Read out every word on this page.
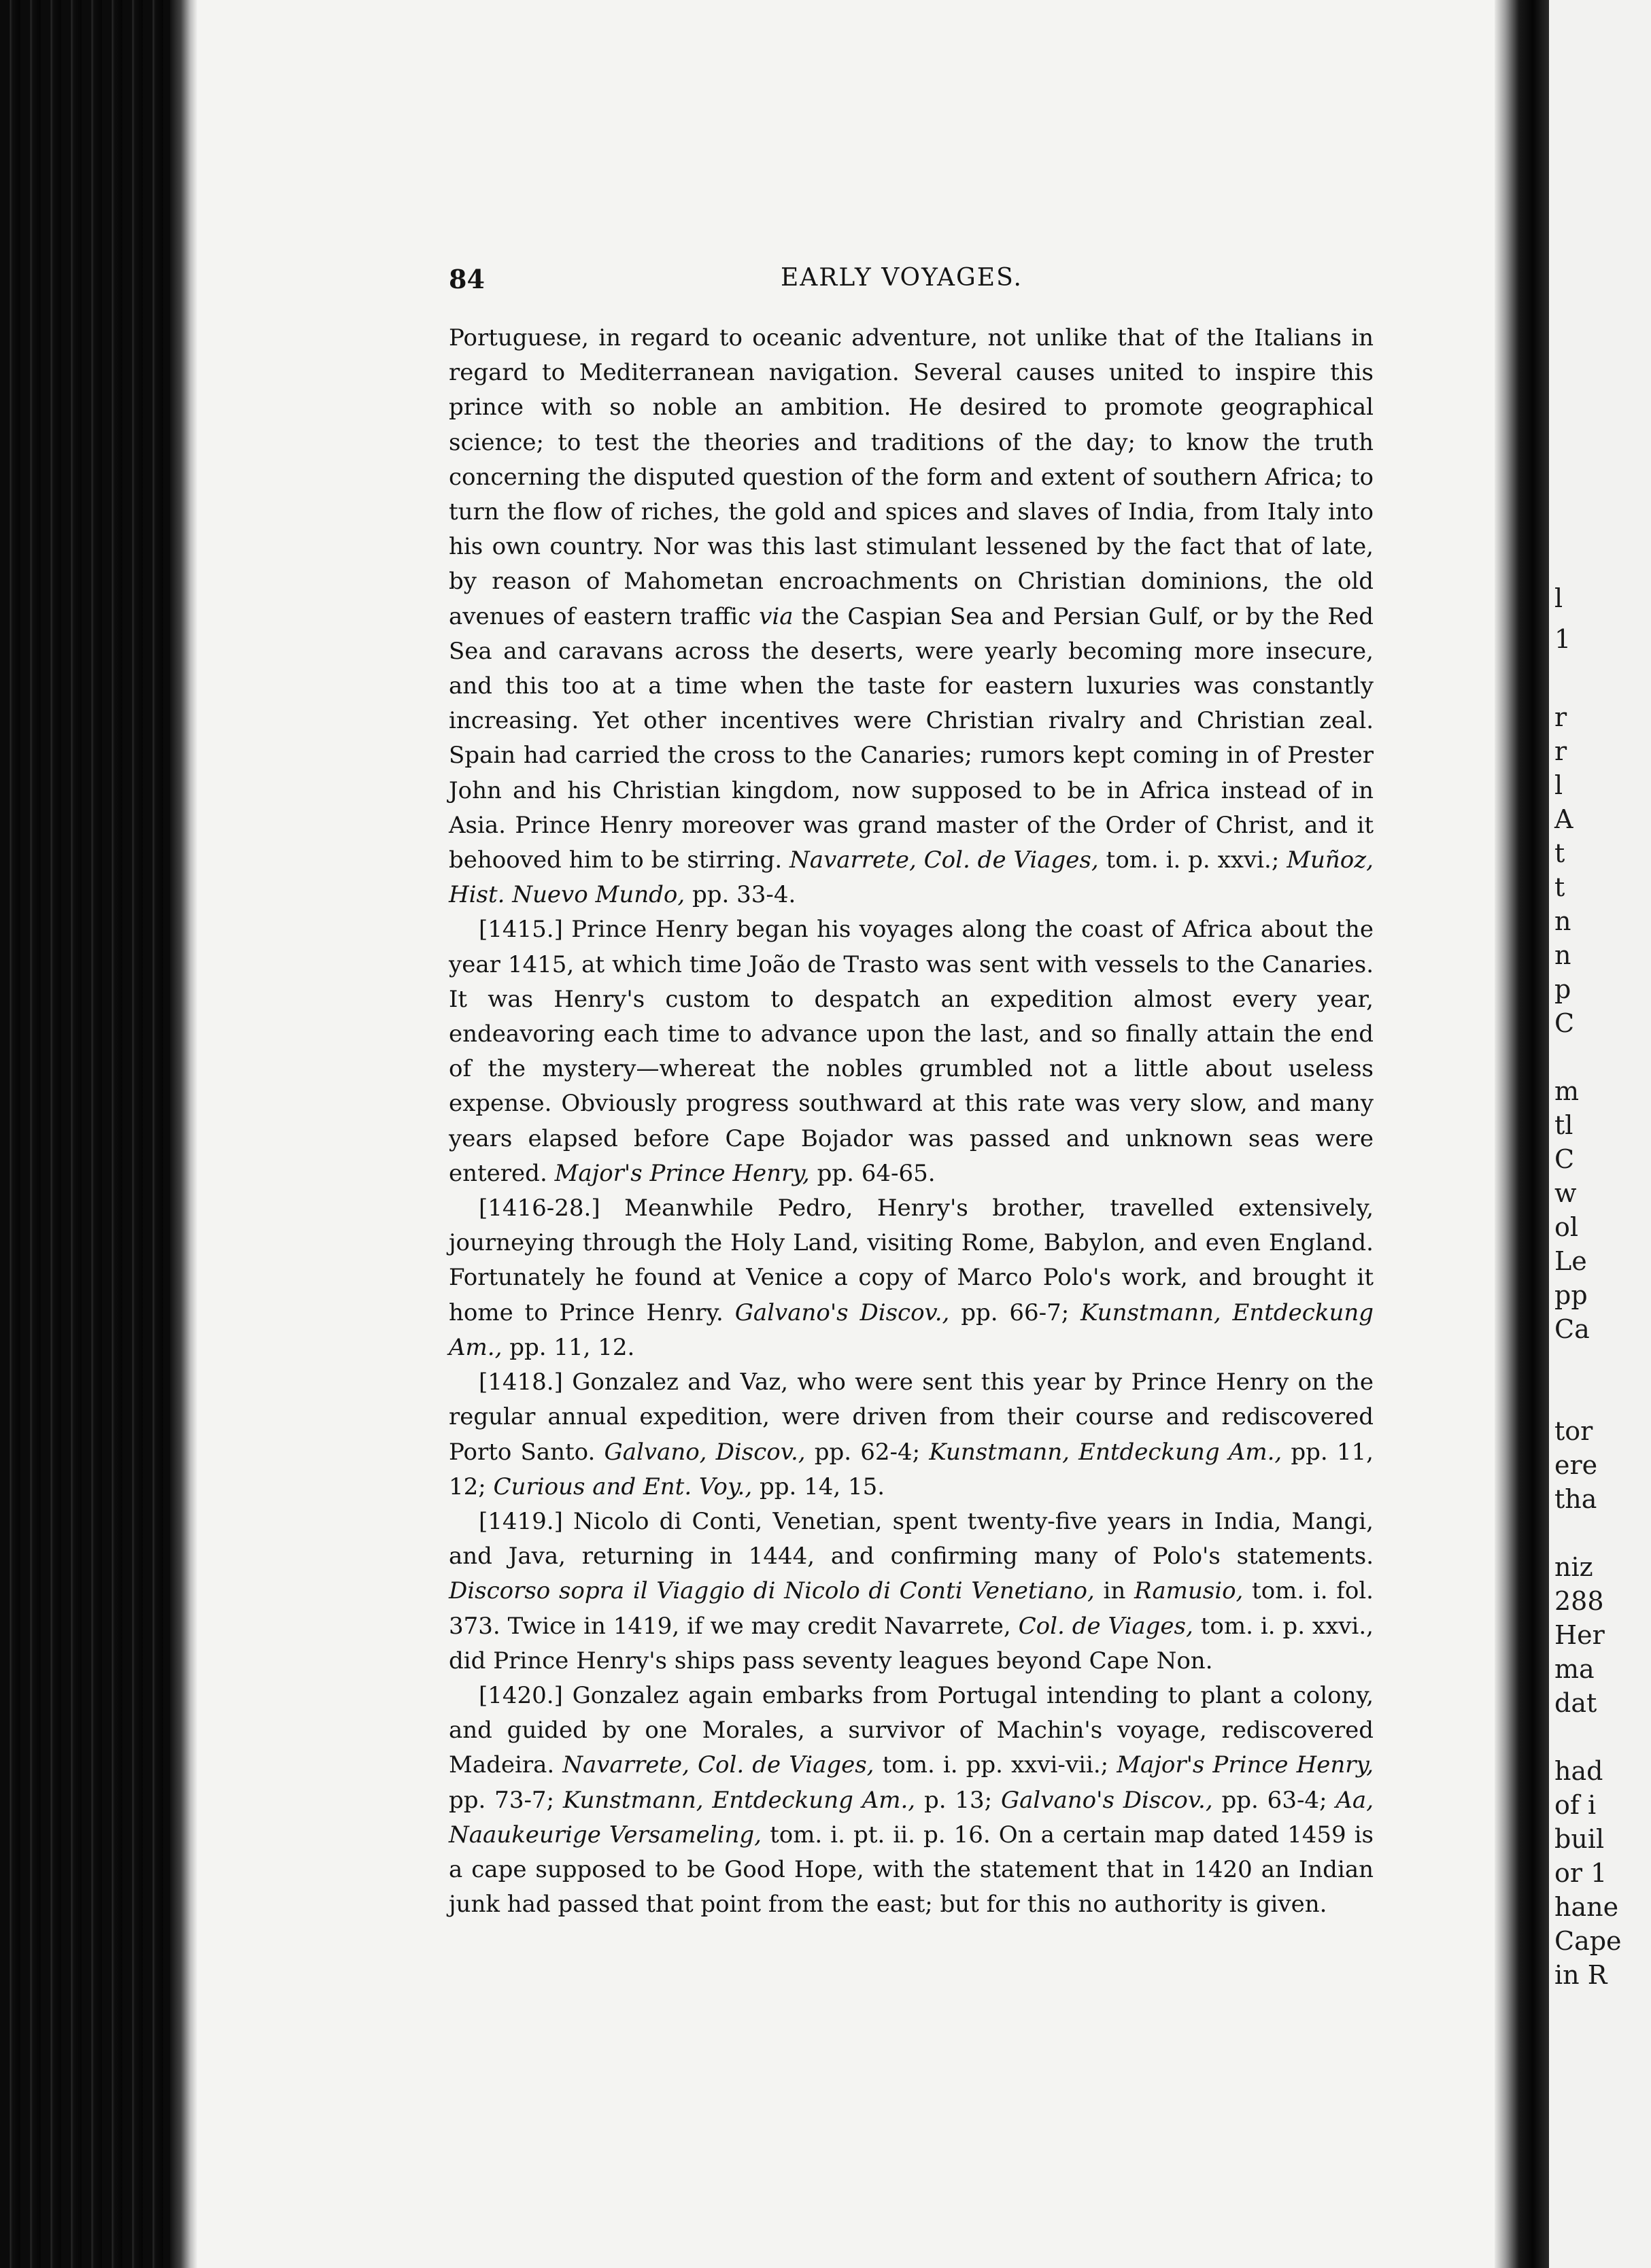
84	EARLY VOYAGES.

Portuguese, in regard to oceanic adventure, not unlike that of the Italians in regard to Mediterranean navigation. Several causes united to inspire this prince with so noble an ambition. He desired to promote geographical science; to test the theories and traditions of the day; to know the truth concerning the disputed question of the form and extent of southern Africa; to turn the flow of riches, the gold and spices and slaves of India, from Italy into his own country. Nor was this last stimulant lessened by the fact that of late, by reason of Mahometan encroachments on Christian dominions, the old avenues of eastern traffic via the Caspian Sea and Persian Gulf, or by the Red Sea and caravans across the deserts, were yearly becoming more insecure, and this too at a time when the taste for eastern luxuries was constantly increasing. Yet other incentives were Christian rivalry and Christian zeal. Spain had carried the cross to the Canaries; rumors kept coming in of Prester John and his Christian kingdom, now supposed to be in Africa instead of in Asia. Prince Henry moreover was grand master of the Order of Christ, and it behooved him to be stirring. Navarrete, Col. de Viages, tom. i. p. xxvi.; Muñoz, Hist. Nuevo Mundo, pp. 33-4.

[1415.] Prince Henry began his voyages along the coast of Africa about the year 1415, at which time João de Trasto was sent with vessels to the Canaries. It was Henry's custom to despatch an expedition almost every year, endeavoring each time to advance upon the last, and so finally attain the end of the mystery—whereat the nobles grumbled not a little about useless expense. Obviously progress southward at this rate was very slow, and many years elapsed before Cape Bojador was passed and unknown seas were entered. Major's Prince Henry, pp. 64-65.

[1416-28.] Meanwhile Pedro, Henry's brother, travelled extensively, journeying through the Holy Land, visiting Rome, Babylon, and even England. Fortunately he found at Venice a copy of Marco Polo's work, and brought it home to Prince Henry. Galvano's Discov., pp. 66-7; Kunstmann, Entdeckung Am., pp. 11, 12.

[1418.] Gonzalez and Vaz, who were sent this year by Prince Henry on the regular annual expedition, were driven from their course and rediscovered Porto Santo. Galvano, Discov., pp. 62-4; Kunstmann, Entdeckung Am., pp. 11, 12; Curious and Ent. Voy., pp. 14, 15.

[1419.] Nicolo di Conti, Venetian, spent twenty-five years in India, Mangi, and Java, returning in 1444, and confirming many of Polo's statements. Discorso sopra il Viaggio di Nicolo di Conti Venetiano, in Ramusio, tom. i. fol. 373. Twice in 1419, if we may credit Navarrete, Col. de Viages, tom. i. p. xxvi., did Prince Henry's ships pass seventy leagues beyond Cape Non.

[1420.] Gonzalez again embarks from Portugal intending to plant a colony, and guided by one Morales, a survivor of Machin's voyage, rediscovered Madeira. Navarrete, Col. de Viages, tom. i. pp. xxvi-vii.; Major's Prince Henry, pp. 73-7; Kunstmann, Entdeckung Am., p. 13; Galvano's Discov., pp. 63-4; Aa, Naaukeurige Versameling, tom. i. pt. ii. p. 16. On a certain map dated 1459 is a cape supposed to be Good Hope, with the statement that in 1420 an Indian junk had passed that point from the east; but for this no authority is given.

l
1
r
r
l
A
t
t
n
n
p
C
m
tl
C
w
ol
Le
pp
Ca
tor
ere
tha
niz
288
Her
ma
dat
had
of i
buil
or 1
hane
Cape
in R
